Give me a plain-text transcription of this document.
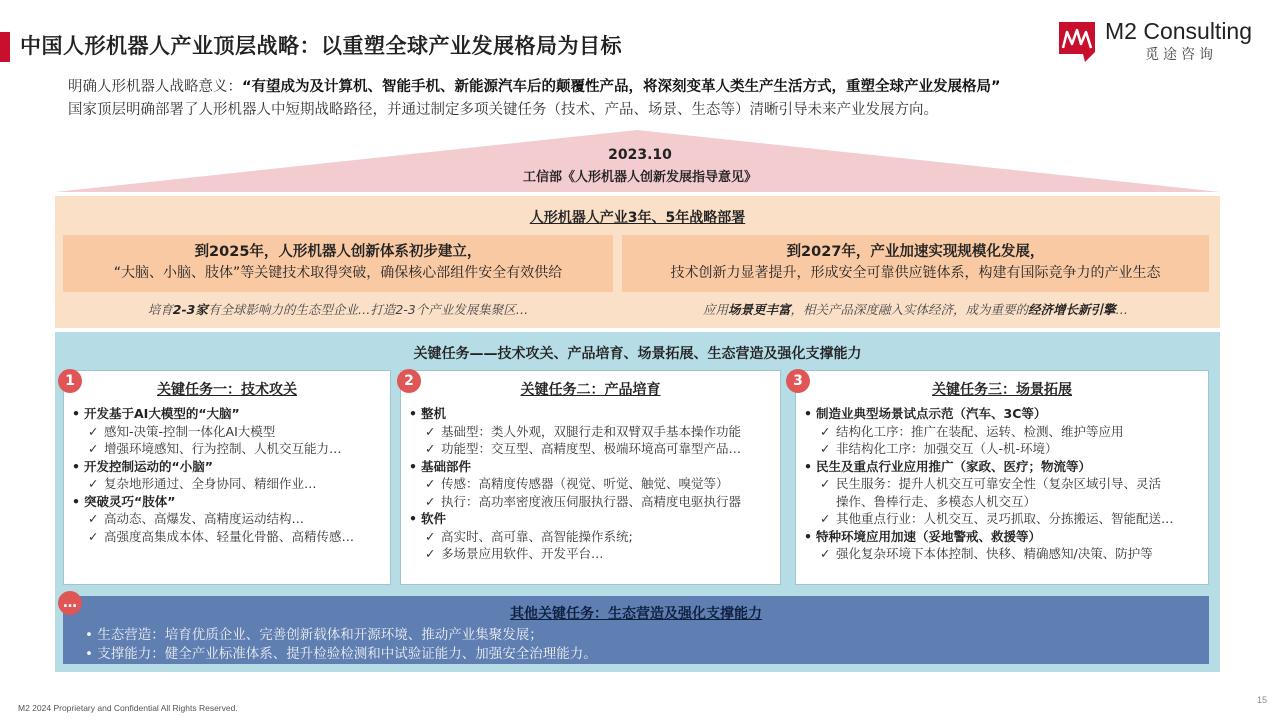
中国人形机器人产业顶层战略：以重塑全球产业发展格局为目标
M2 Consulting
觅途咨询
明确人形机器人战略意义：“有望成为及计算机、智能手机、新能源汽车后的颠覆性产品，将深刻变革人类生产生活方式，重塑全球产业发展格局”
国家顶层明确部署了人形机器人中短期战略路径，并通过制定多项关键任务（技术、产品、场景、生态等）清晰引导未来产业发展方向。
2023.10
工信部《人形机器人创新发展指导意见》
人形机器人产业3年、5年战略部署
到2025年，人形机器人创新体系初步建立，
“大脑、小脑、肢体”等关键技术取得突破，确保核心部组件安全有效供给
到2027年，产业加速实现规模化发展，
技术创新力显著提升，形成安全可靠供应链体系，构建有国际竞争力的产业生态
培育2-3家有全球影响力的生态型企业…打造2-3个产业发展集聚区…	应用场景更丰富，相关产品深度融入实体经济，成为重要的经济增长新引擎…
关键任务——技术攻关、产品培育、场景拓展、生态营造及强化支撑能力
关键任务一：技术攻关
• 开发基于AI大模型的“大脑”
✓ 感知-决策-控制一体化AI大模型
✓ 增强环境感知、行为控制、人机交互能力…
• 开发控制运动的“小脑”
✓ 复杂地形通过、全身协同、精细作业…
• 突破灵巧“肢体”
✓ 高动态、高爆发、高精度运动结构…
✓ 高强度高集成本体、轻量化骨骼、高精传感…
关键任务二：产品培育
• 整机
✓ 基础型：类人外观，双腿行走和双臂双手基本操作功能
✓ 功能型：交互型、高精度型、极端环境高可靠型产品…
• 基础部件
✓ 传感：高精度传感器（视觉、听觉、触觉、嗅觉等）
✓ 执行：高功率密度液压伺服执行器、高精度电驱执行器
• 软件
✓ 高实时、高可靠、高智能操作系统;
✓ 多场景应用软件、开发平台…
关键任务三：场景拓展
• 制造业典型场景试点示范（汽车、3C等）
✓ 结构化工序：推广在装配、运转、检测、维护等应用
✓ 非结构化工序：加强交互（人-机-环境）
• 民生及重点行业应用推广（家政、医疗；物流等）
✓ 民生服务：提升人机交互可靠安全性（复杂区域引导、灵活
操作、鲁棒行走、多模态人机交互）
✓ 其他重点行业：人机交互、灵巧抓取、分拣搬运、智能配送…
• 特种环境应用加速（妥地警戒、救援等）
✓ 强化复杂环境下本体控制、快移、精确感知/决策、防护等
1	2	3
…
其他关键任务：生态营造及强化支撑能力
• 生态营造：培育优质企业、完善创新载体和开源环境、推动产业集聚发展；
• 支撑能力：健全产业标准体系、提升检验检测和中试验证能力、加强安全治理能力。
M2 2024 Proprietary and Confidential All Rights Reserved.
15
